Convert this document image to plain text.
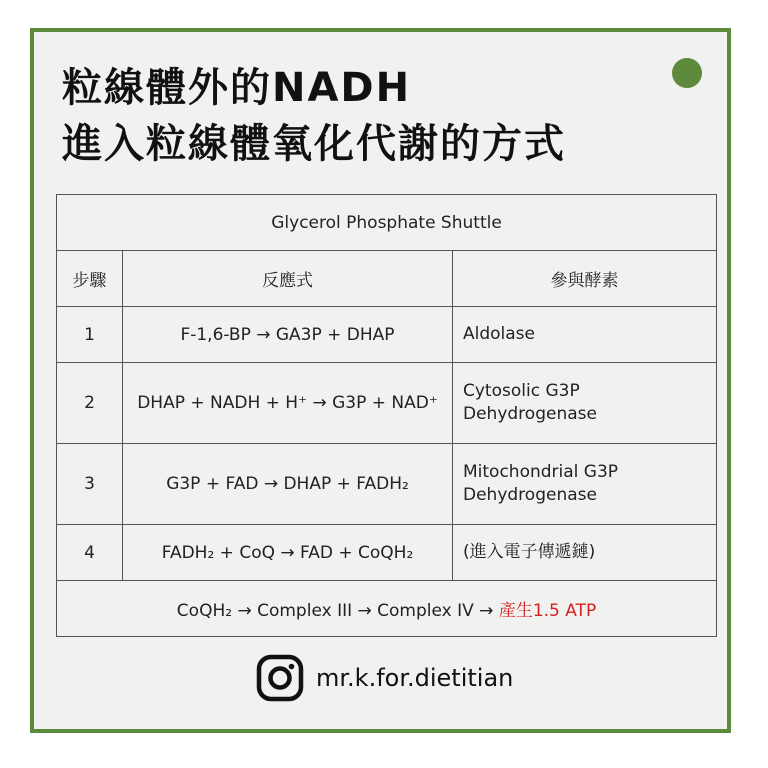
粒線體外的NADH
進入粒線體氧化代謝的方式
Glycerol Phosphate Shuttle		
步驟	反應式	參與酵素
1	F-1,6-BP → GA3P + DHAP	Aldolase
2	DHAP + NADH + H⁺ → G3P + NAD⁺	Cytosolic G3P
Dehydrogenase
3	G3P + FAD → DHAP + FADH₂	Mitochondrial G3P
Dehydrogenase
4	FADH₂ + CoQ → FAD + CoQH₂	(進入電子傳遞鏈)
CoQH₂ → Complex III → Complex IV → 產生1.5 ATP		
mr.k.for.dietitian
